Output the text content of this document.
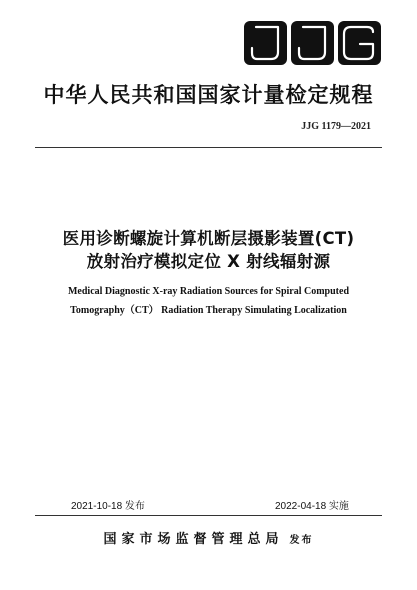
中华人民共和国国家计量检定规程
JJG 1179—2021
医用诊断螺旋计算机断层摄影装置(CT)
放射治疗模拟定位 X 射线辐射源
Medical Diagnostic X-ray Radiation Sources for Spiral Computed
Tomography（CT） Radiation Therapy Simulating Localization
2021-10-18 发布	2022-04-18 实施
国家市场监督管理总局 发布
